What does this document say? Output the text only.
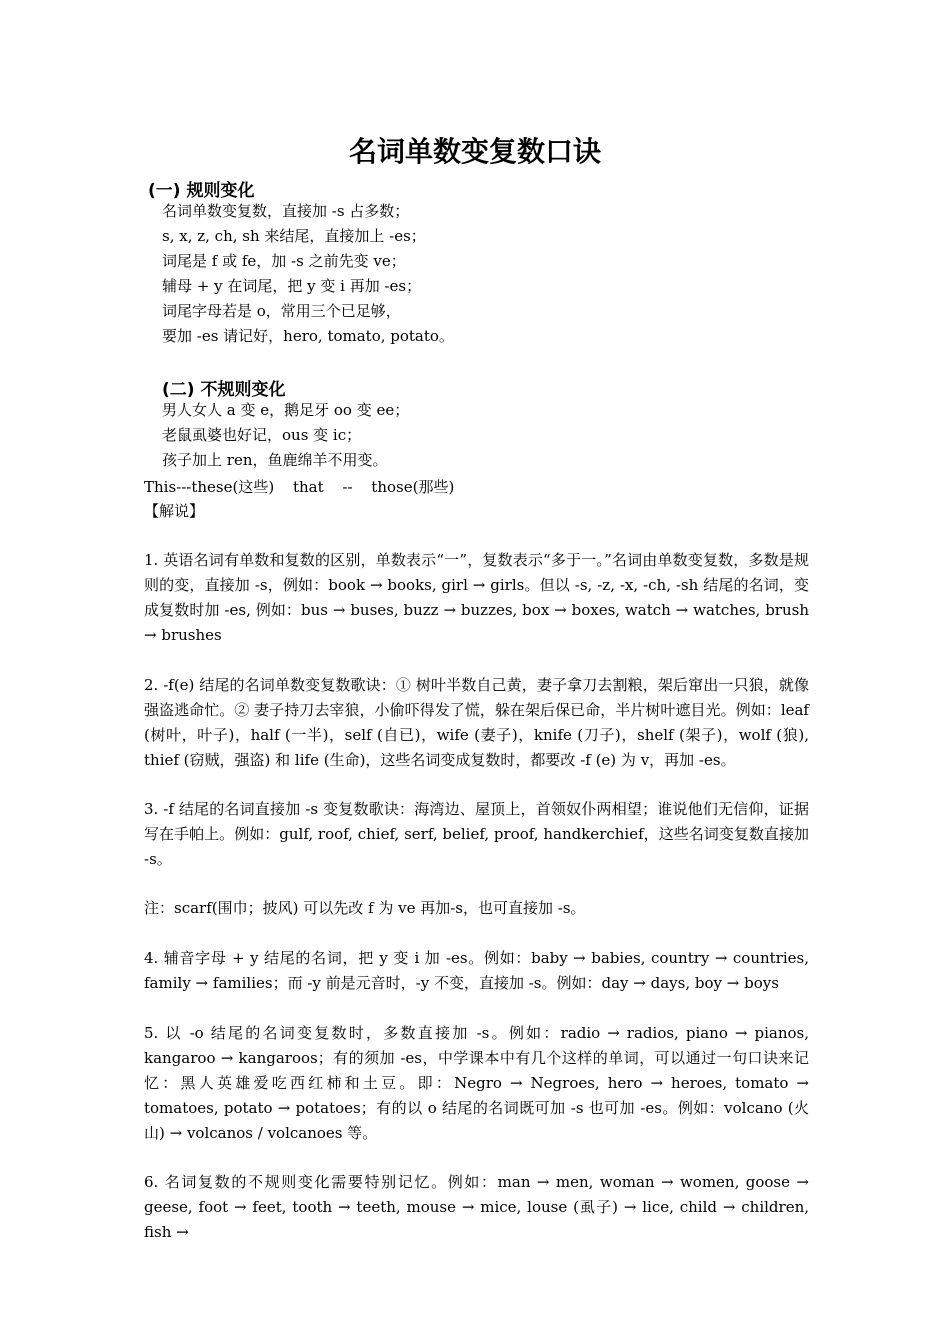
名词单数变复数口诀
(一) 规则变化
名词单数变复数，直接加 -s 占多数；
s, x, z, ch, sh 来结尾，直接加上 -es；
词尾是 f 或 fe，加 -s 之前先变 ve；
辅母 + y 在词尾，把 y 变 i 再加 -es；
词尾字母若是 o，常用三个已足够，
要加 -es 请记好，hero, tomato, potato。
(二) 不规则变化
男人女人 a 变 e，鹅足牙 oo 变 ee；
老鼠虱婆也好记，ous 变 ic；
孩子加上 ren，鱼鹿绵羊不用变。
This---these(这些) that -- those(那些)
【解说】
1. 英语名词有单数和复数的区别，单数表示“一”，复数表示“多于一。”名词由单数变复数，多数是规则的变，直接加 -s，例如：book → books, girl → girls。但以 -s, -z, -x, -ch, -sh 结尾的名词，变成复数时加 -es, 例如：bus → buses, buzz → buzzes, box → boxes, watch → watches, brush → brushes
2. -f(e) 结尾的名词单数变复数歌诀：① 树叶半数自己黄，妻子拿刀去割粮，架后窜出一只狼，就像强盗逃命忙。② 妻子持刀去宰狼，小偷吓得发了慌，躲在架后保已命，半片树叶遮目光。例如：leaf (树叶，叶子)，half (一半)，self (自已)，wife (妻子)，knife (刀子)，shelf (架子)，wolf (狼), thief (窃贼，强盗) 和 life (生命)，这些名词变成复数时，都要改 -f (e) 为 v，再加 -es。
3. -f 结尾的名词直接加 -s 变复数歌诀：海湾边、屋顶上，首领奴仆两相望；谁说他们无信仰，证据写在手帕上。例如：gulf, roof, chief, serf, belief, proof, handkerchief，这些名词变复数直接加 -s。
注：scarf(围巾；披风) 可以先改 f 为 ve 再加-s，也可直接加 -s。
4. 辅音字母 + y 结尾的名词，把 y 变 i 加 -es。例如：baby → babies, country → countries, family → families；而 -y 前是元音时，-y 不变，直接加 -s。例如：day → days, boy → boys
5. 以 -o 结尾的名词变复数时，多数直接加 -s。例如：radio → radios, piano → pianos, kangaroo → kangaroos；有的须加 -es，中学课本中有几个这样的单词，可以通过一句口诀来记忆：黑人英雄爱吃西红柿和土豆。即：Negro → Negroes, hero → heroes, tomato → tomatoes, potato → potatoes；有的以 o 结尾的名词既可加 -s 也可加 -es。例如：volcano (火山) → volcanos / volcanoes 等。
6. 名词复数的不规则变化需要特别记忆。例如：man → men, woman → women, goose → geese, foot → feet, tooth → teeth, mouse → mice, louse (虱子) → lice, child → children, fish →
